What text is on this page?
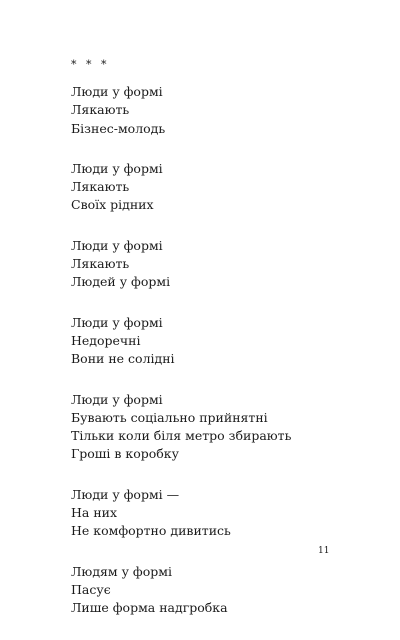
* * *
Люди у формі
Лякають
Бізнес-молодь
Люди у формі
Лякають
Своїх рідних
Люди у формі
Лякають
Людей у формі
Люди у формі
Недоречні
Вони не солідні
Люди у формі
Бувають соціально прийнятні
Тільки коли біля метро збирають
Гроші в коробку
Люди у формі —
На них
Не комфортно дивитись
Людям у формі
Пасує
Лише форма надгробка
11
